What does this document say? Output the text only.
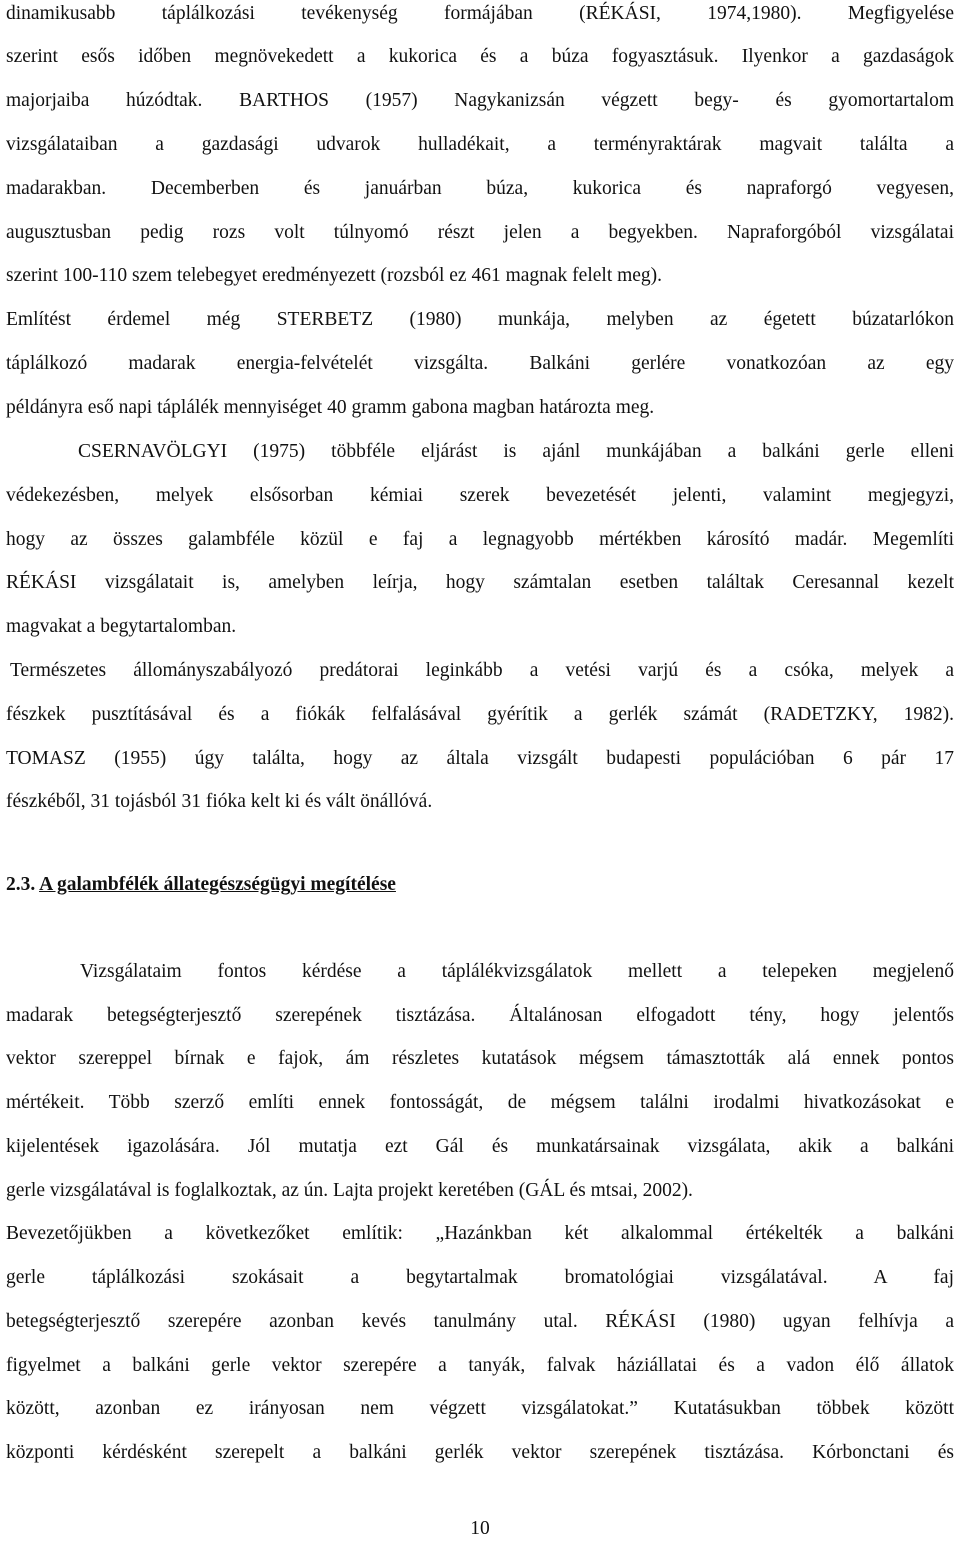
dinamikusabb táplálkozási tevékenység formájában (RÉKÁSI, 1974,1980). Megfigyelése
szerint esős időben megnövekedett a kukorica és a búza fogyasztásuk. Ilyenkor a gazdaságok
majorjaiba húzódtak. BARTHOS (1957) Nagykanizsán végzett begy- és gyomortartalom
vizsgálataiban a gazdasági udvarok hulladékait, a terményraktárak magvait találta a
madarakban. Decemberben és januárban búza, kukorica és napraforgó vegyesen,
augusztusban pedig rozs volt túlnyomó részt jelen a begyekben. Napraforgóból vizsgálatai
szerint 100-110 szem telebegyet eredményezett (rozsból ez 461 magnak felelt meg).
Említést érdemel még STERBETZ (1980) munkája, melyben az égetett búzatarlókon
táplálkozó madarak energia-felvételét vizsgálta. Balkáni gerlére vonatkozóan az egy
példányra eső napi táplálék mennyiséget 40 gramm gabona magban határozta meg.
CSERNAVÖLGYI (1975) többféle eljárást is ajánl munkájában a balkáni gerle elleni
védekezésben, melyek elsősorban kémiai szerek bevezetését jelenti, valamint megjegyzi,
hogy az összes galambféle közül e faj a legnagyobb mértékben károsító madár. Megemlíti
RÉKÁSI vizsgálatait is, amelyben leírja, hogy számtalan esetben találtak Ceresannal kezelt
magvakat a begytartalomban.
Természetes állományszabályozó predátorai leginkább a vetési varjú és a csóka, melyek a
fészkek pusztításával és a fiókák felfalásával gyérítik a gerlék számát (RADETZKY, 1982).
TOMASZ (1955) úgy találta, hogy az általa vizsgált budapesti populációban 6 pár 17
fészkéből, 31 tojásból 31 fióka kelt ki és vált önállóvá.
2.3. A galambfélék állategészségügyi megítélése
Vizsgálataim fontos kérdése a táplálékvizsgálatok mellett a telepeken megjelenő
madarak betegségterjesztő szerepének tisztázása. Általánosan elfogadott tény, hogy jelentős
vektor szereppel bírnak e fajok, ám részletes kutatások mégsem támasztották alá ennek pontos
mértékeit. Több szerző említi ennek fontosságát, de mégsem találni irodalmi hivatkozásokat e
kijelentések igazolására. Jól mutatja ezt Gál és munkatársainak vizsgálata, akik a balkáni
gerle vizsgálatával is foglalkoztak, az ún. Lajta projekt keretében (GÁL és mtsai, 2002).
Bevezetőjükben a következőket említik: „Hazánkban két alkalommal értékelték a balkáni
gerle táplálkozási szokásait a begytartalmak bromatológiai vizsgálatával. A faj
betegségterjesztő szerepére azonban kevés tanulmány utal. RÉKÁSI (1980) ugyan felhívja a
figyelmet a balkáni gerle vektor szerepére a tanyák, falvak háziállatai és a vadon élő állatok
között, azonban ez irányosan nem végzett vizsgálatokat.” Kutatásukban többek között
központi kérdésként szerepelt a balkáni gerlék vektor szerepének tisztázása. Kórbonctani és
10
